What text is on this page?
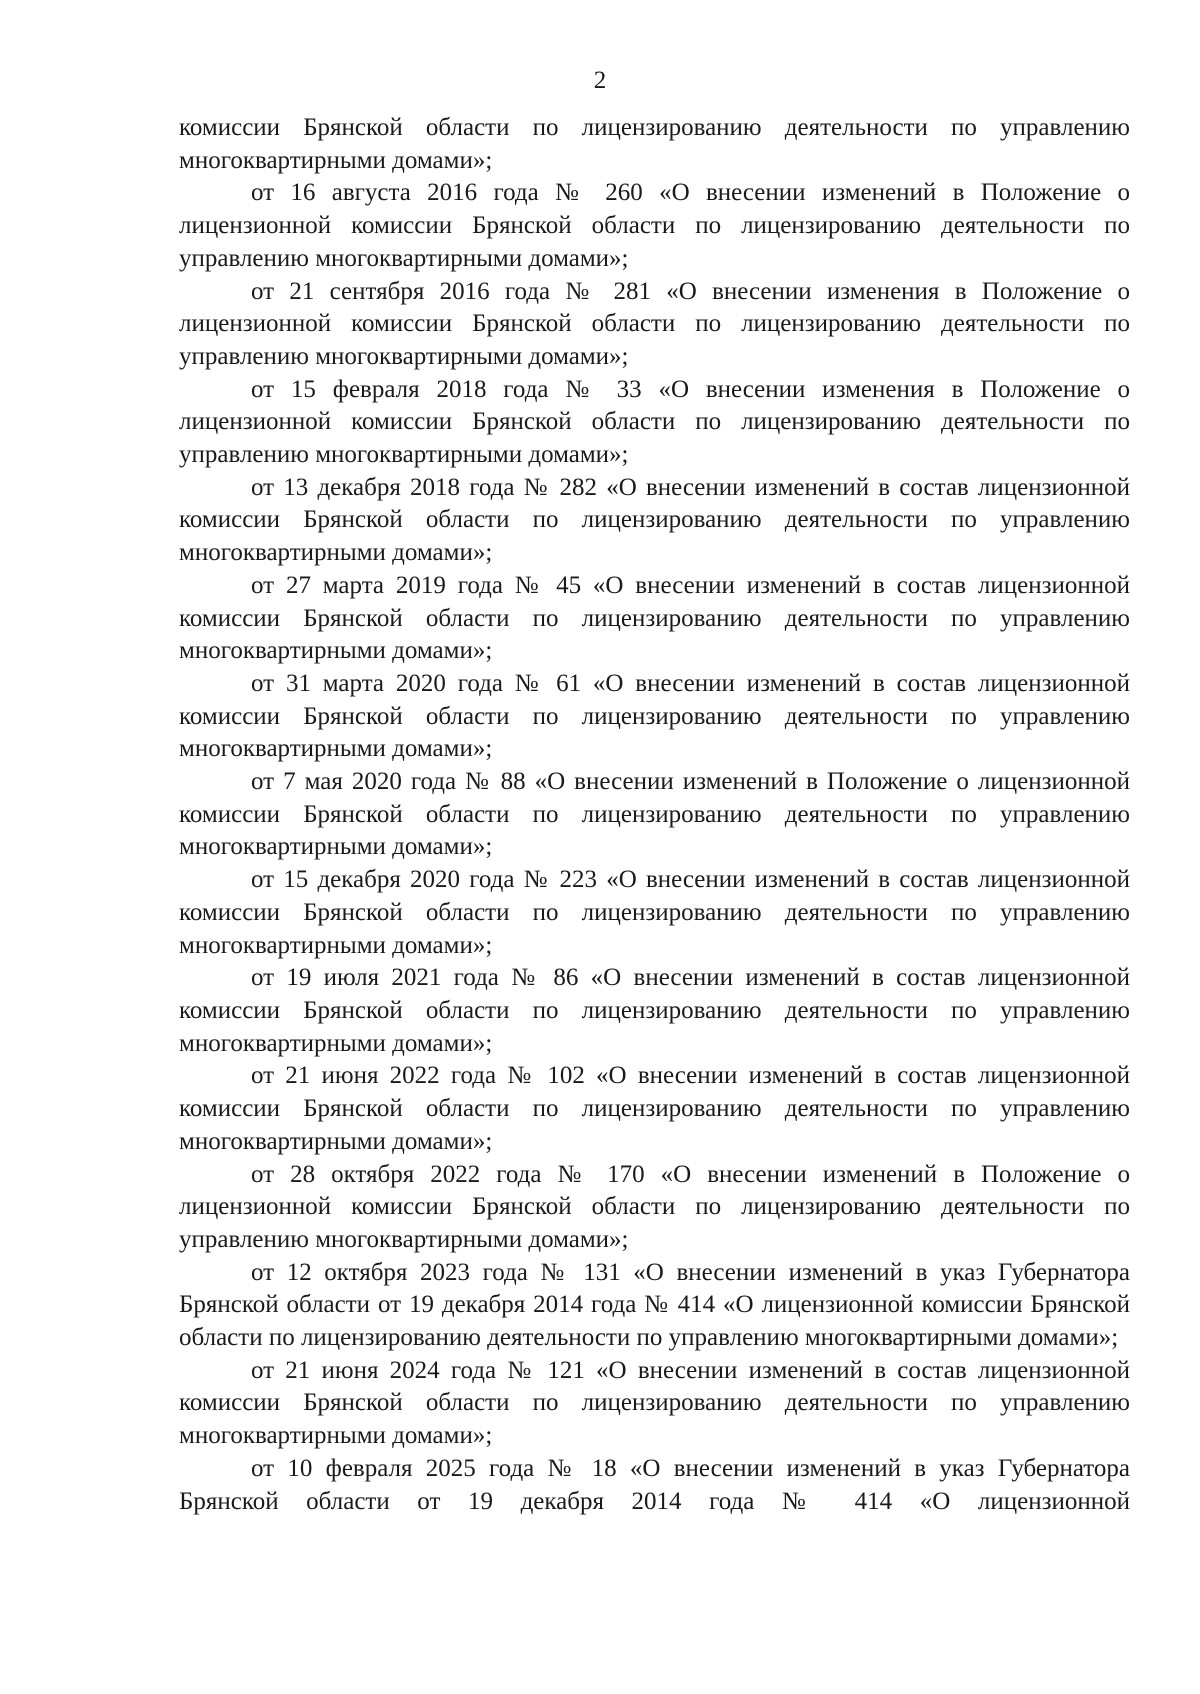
2

комиссии Брянской области по лицензированию деятельности по управлению многоквартирными домами»;

от 16 августа 2016 года № 260 «О внесении изменений в Положение о лицензионной комиссии Брянской области по лицензированию деятельности по управлению многоквартирными домами»;

от 21 сентября 2016 года № 281 «О внесении изменения в Положение о лицензионной комиссии Брянской области по лицензированию деятельности по управлению многоквартирными домами»;

от 15 февраля 2018 года № 33 «О внесении изменения в Положение о лицензионной комиссии Брянской области по лицензированию деятельности по управлению многоквартирными домами»;

от 13 декабря 2018 года № 282 «О внесении изменений в состав лицензионной комиссии Брянской области по лицензированию деятельности по управлению многоквартирными домами»;

от 27 марта 2019 года № 45 «О внесении изменений в состав лицензионной комиссии Брянской области по лицензированию деятельности по управлению многоквартирными домами»;

от 31 марта 2020 года № 61 «О внесении изменений в состав лицензионной комиссии Брянской области по лицензированию деятельности по управлению многоквартирными домами»;

от 7 мая 2020 года № 88 «О внесении изменений в Положение о лицензионной комиссии Брянской области по лицензированию деятельности по управлению многоквартирными домами»;

от 15 декабря 2020 года № 223 «О внесении изменений в состав лицензионной комиссии Брянской области по лицензированию деятельности по управлению многоквартирными домами»;

от 19 июля 2021 года № 86 «О внесении изменений в состав лицензионной комиссии Брянской области по лицензированию деятельности по управлению многоквартирными домами»;

от 21 июня 2022 года № 102 «О внесении изменений в состав лицензионной комиссии Брянской области по лицензированию деятельности по управлению многоквартирными домами»;

от 28 октября 2022 года № 170 «О внесении изменений в Положение о лицензионной комиссии Брянской области по лицензированию деятельности по управлению многоквартирными домами»;

от 12 октября 2023 года № 131 «О внесении изменений в указ Губернатора Брянской области от 19 декабря 2014 года № 414 «О лицензионной комиссии Брянской области по лицензированию деятельности по управлению многоквартирными домами»;

от 21 июня 2024 года № 121 «О внесении изменений в состав лицензионной комиссии Брянской области по лицензированию деятельности по управлению многоквартирными домами»;

от 10 февраля 2025 года № 18 «О внесении изменений в указ Губернатора Брянской области от 19 декабря 2014 года № 414 «О лицензионной
